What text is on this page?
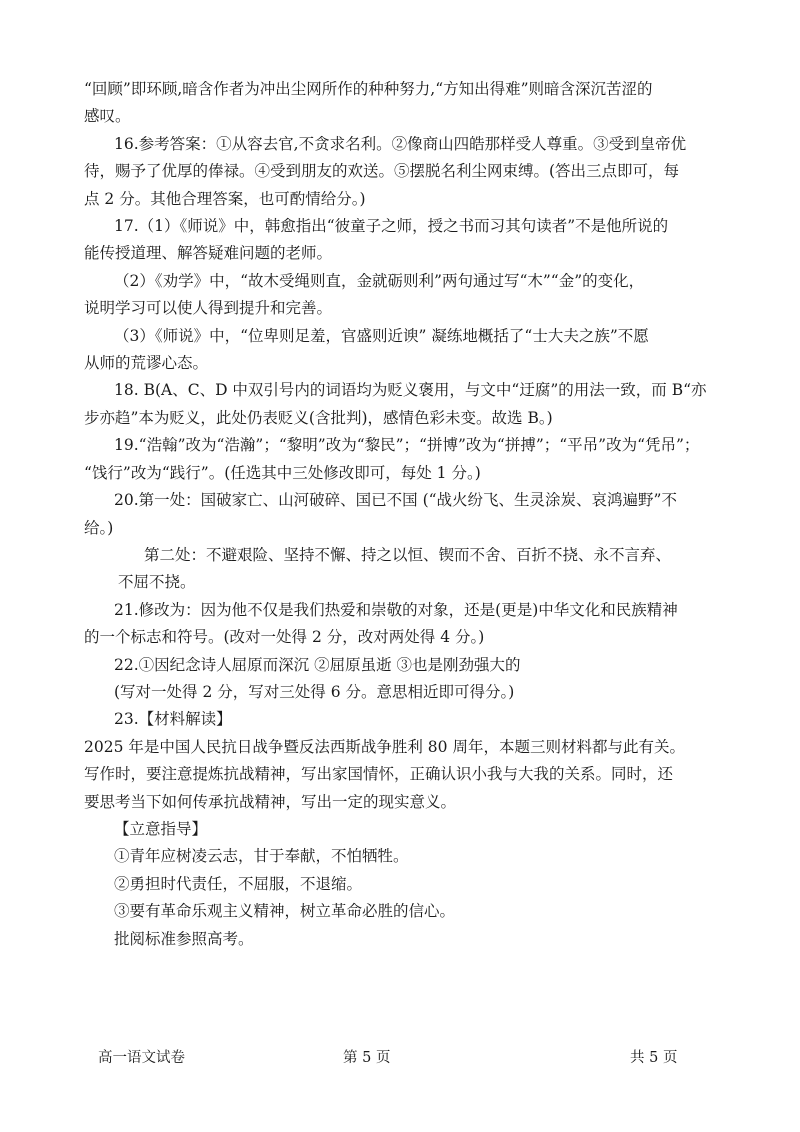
“回顾”即环顾,暗含作者为冲出尘网所作的种种努力,“方知出得难”则暗含深沉苦涩的
感叹。
16.参考答案：①从容去官,不贪求名利。②像商山四皓那样受人尊重。③受到皇帝优
待，赐予了优厚的俸禄。④受到朋友的欢送。⑤摆脱名利尘网束缚。(答出三点即可，每
点 2 分。其他合理答案，也可酌情给分。)
17.（1）《师说》中，韩愈指出“彼童子之师，授之书而习其句读者”不是他所说的
能传授道理、解答疑难问题的老师。
（2）《劝学》中，“故木受绳则直，金就砺则利”两句通过写“木”“金”的变化，
说明学习可以使人得到提升和完善。
（3）《师说》中，“位卑则足羞，官盛则近谀” 凝练地概括了“士大夫之族”不愿
从师的荒谬心态。
18. B(A、C、D 中双引号内的词语均为贬义褒用，与文中“迂腐”的用法一致，而 B“亦
步亦趋”本为贬义，此处仍表贬义(含批判)，感情色彩未变。故选 B。)
19.“浩翰”改为“浩瀚”；“黎明”改为“黎民”；“拼博”改为“拼搏”；“平吊”改为“凭吊”；
“饯行”改为“践行”。(任选其中三处修改即可，每处 1 分。)
20.第一处：国破家亡、山河破碎、国已不国 (“战火纷飞、生灵涂炭、哀鸿遍野”不
给。)
第二处：不避艰险、坚持不懈、持之以恒、锲而不舍、百折不挠、永不言弃、
不屈不挠。
21.修改为：因为他不仅是我们热爱和崇敬的对象，还是(更是)中华文化和民族精神
的一个标志和符号。(改对一处得 2 分，改对两处得 4 分。)
22.①因纪念诗人屈原而深沉 ②屈原虽逝 ③也是刚劲强大的
(写对一处得 2 分，写对三处得 6 分。意思相近即可得分。)
23.【材料解读】
2025 年是中国人民抗日战争暨反法西斯战争胜利 80 周年，本题三则材料都与此有关。
写作时，要注意提炼抗战精神，写出家国情怀，正确认识小我与大我的关系。同时，还
要思考当下如何传承抗战精神，写出一定的现实意义。
【立意指导】
①青年应树凌云志，甘于奉献，不怕牺牲。
②勇担时代责任，不屈服，不退缩。
③要有革命乐观主义精神，树立革命必胜的信心。
批阅标准参照高考。
高一语文试卷	第 5 页	共 5 页
